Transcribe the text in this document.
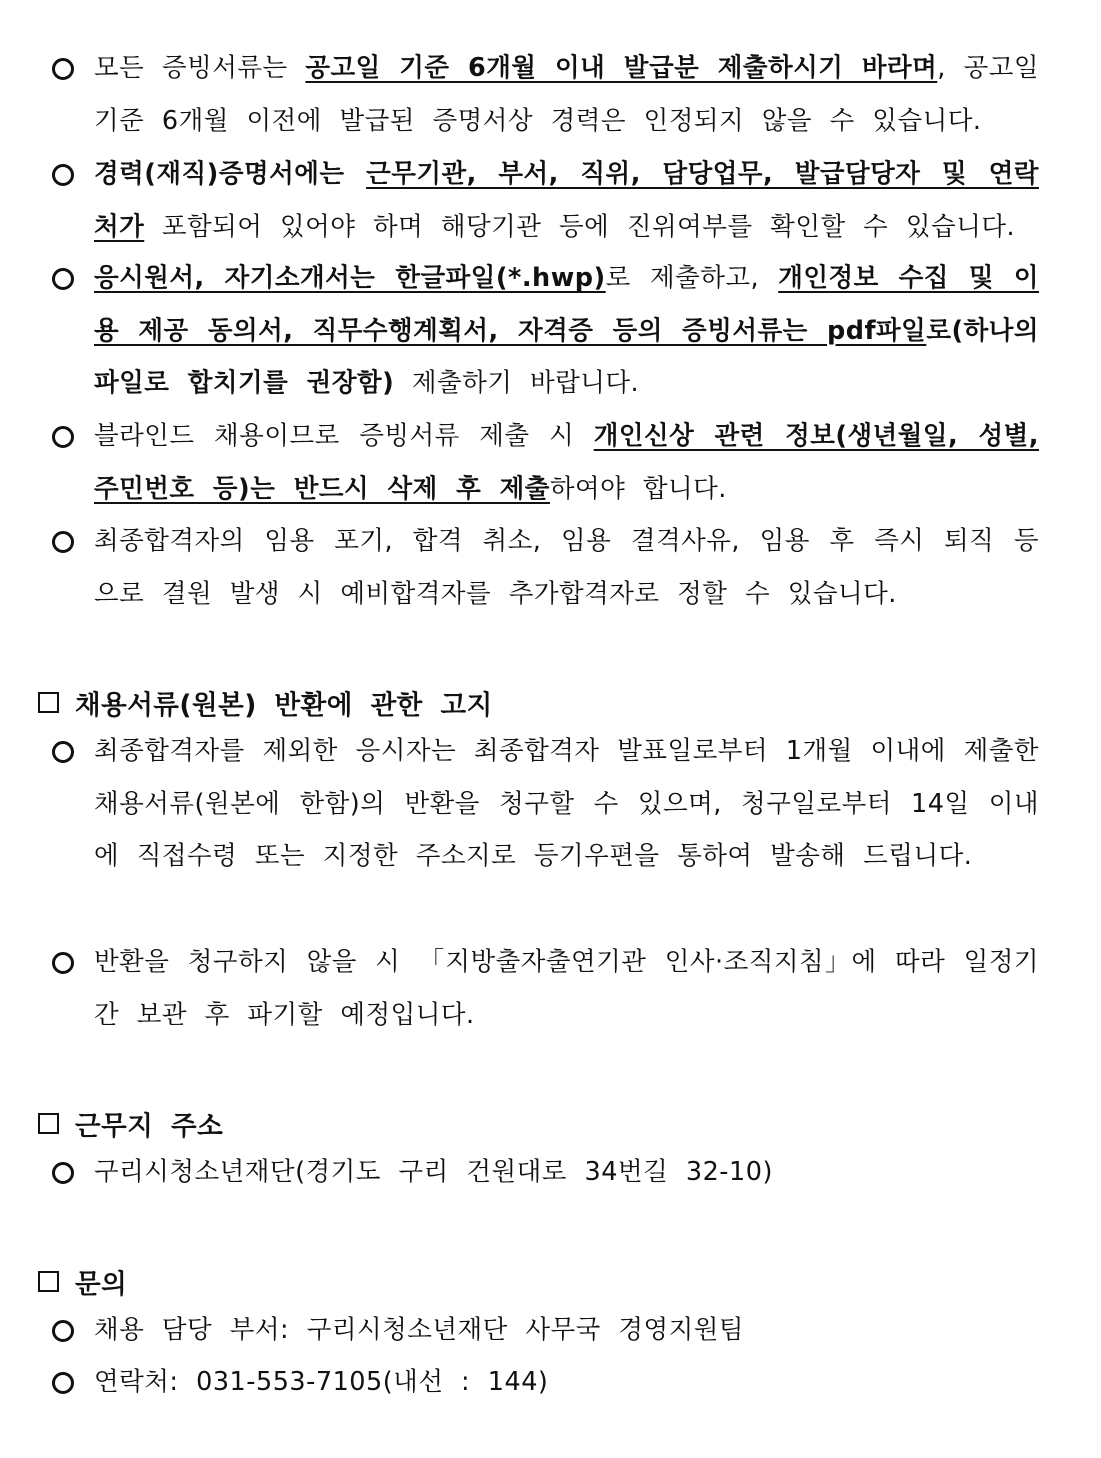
모든 증빙서류는 공고일 기준 6개월 이내 발급분 제출하시기 바라며, 공고일 기준 6개월 이전에 발급된 증명서상 경력은 인정되지 않을 수 있습니다.
경력(재직)증명서에는 근무기관, 부서, 직위, 담당업무, 발급담당자 및 연락처가 포함되어 있어야 하며 해당기관 등에 진위여부를 확인할 수 있습니다.
응시원서, 자기소개서는 한글파일(*.hwp)로 제출하고, 개인정보 수집 및 이용 제공 동의서, 직무수행계획서, 자격증 등의 증빙서류는 pdf파일로(하나의 파일로 합치기를 권장함) 제출하기 바랍니다.
블라인드 채용이므로 증빙서류 제출 시 개인신상 관련 정보(생년월일, 성별, 주민번호 등)는 반드시 삭제 후 제출하여야 합니다.
최종합격자의 임용 포기, 합격 취소, 임용 결격사유, 임용 후 즉시 퇴직 등으로 결원 발생 시 예비합격자를 추가합격자로 정할 수 있습니다.
채용서류(원본) 반환에 관한 고지
최종합격자를 제외한 응시자는 최종합격자 발표일로부터 1개월 이내에 제출한 채용서류(원본에 한함)의 반환을 청구할 수 있으며, 청구일로부터 14일 이내에 직접수령 또는 지정한 주소지로 등기우편을 통하여 발송해 드립니다.
반환을 청구하지 않을 시 「지방출자출연기관 인사·조직지침」에 따라 일정기간 보관 후 파기할 예정입니다.
근무지 주소
구리시청소년재단(경기도 구리 건원대로 34번길 32-10)
문의
채용 담당 부서: 구리시청소년재단 사무국 경영지원팀
연락처: 031-553-7105(내선 : 144)
